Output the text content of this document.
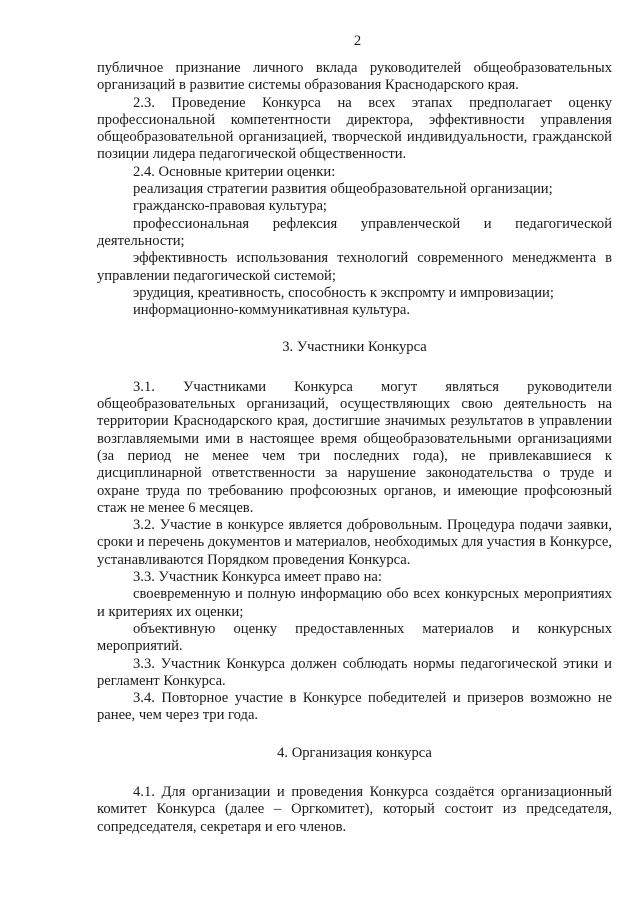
2

публичное признание личного вклада руководителей общеобразовательных организаций в развитие системы образования Краснодарского края.

2.3. Проведение Конкурса на всех этапах предполагает оценку профессиональной компетентности директора, эффективности управления общеобразовательной организацией, творческой индивидуальности, гражданской позиции лидера педагогической общественности.

2.4. Основные критерии оценки:

реализация стратегии развития общеобразовательной организации;

гражданско-правовая культура;

профессиональная рефлексия управленческой и педагогической деятельности;

эффективность использования технологий современного менеджмента в управлении педагогической системой;

эрудиция, креативность, способность к экспромту и импровизации;

информационно-коммуникативная культура.

3. Участники Конкурса

3.1. Участниками Конкурса могут являться руководители общеобразовательных организаций, осуществляющих свою деятельность на территории Краснодарского края, достигшие значимых результатов в управлении возглавляемыми ими в настоящее время общеобразовательными организациями (за период не менее чем три последних года), не привлекавшиеся к дисциплинарной ответственности за нарушение законодательства о труде и охране труда по требованию профсоюзных органов, и имеющие профсоюзный стаж не менее 6 месяцев.

3.2. Участие в конкурсе является добровольным. Процедура подачи заявки, сроки и перечень документов и материалов, необходимых для участия в Конкурсе, устанавливаются Порядком проведения Конкурса.

3.3. Участник Конкурса имеет право на:

своевременную и полную информацию обо всех конкурсных мероприятиях и критериях их оценки;

объективную оценку предоставленных материалов и конкурсных мероприятий.

3.3. Участник Конкурса должен соблюдать нормы педагогической этики и регламент Конкурса.

3.4. Повторное участие в Конкурсе победителей и призеров возможно не ранее, чем через три года.

4. Организация конкурса

4.1. Для организации и проведения Конкурса создаётся организационный комитет Конкурса (далее – Оргкомитет), который состоит из председателя, сопредседателя, секретаря и его членов.
